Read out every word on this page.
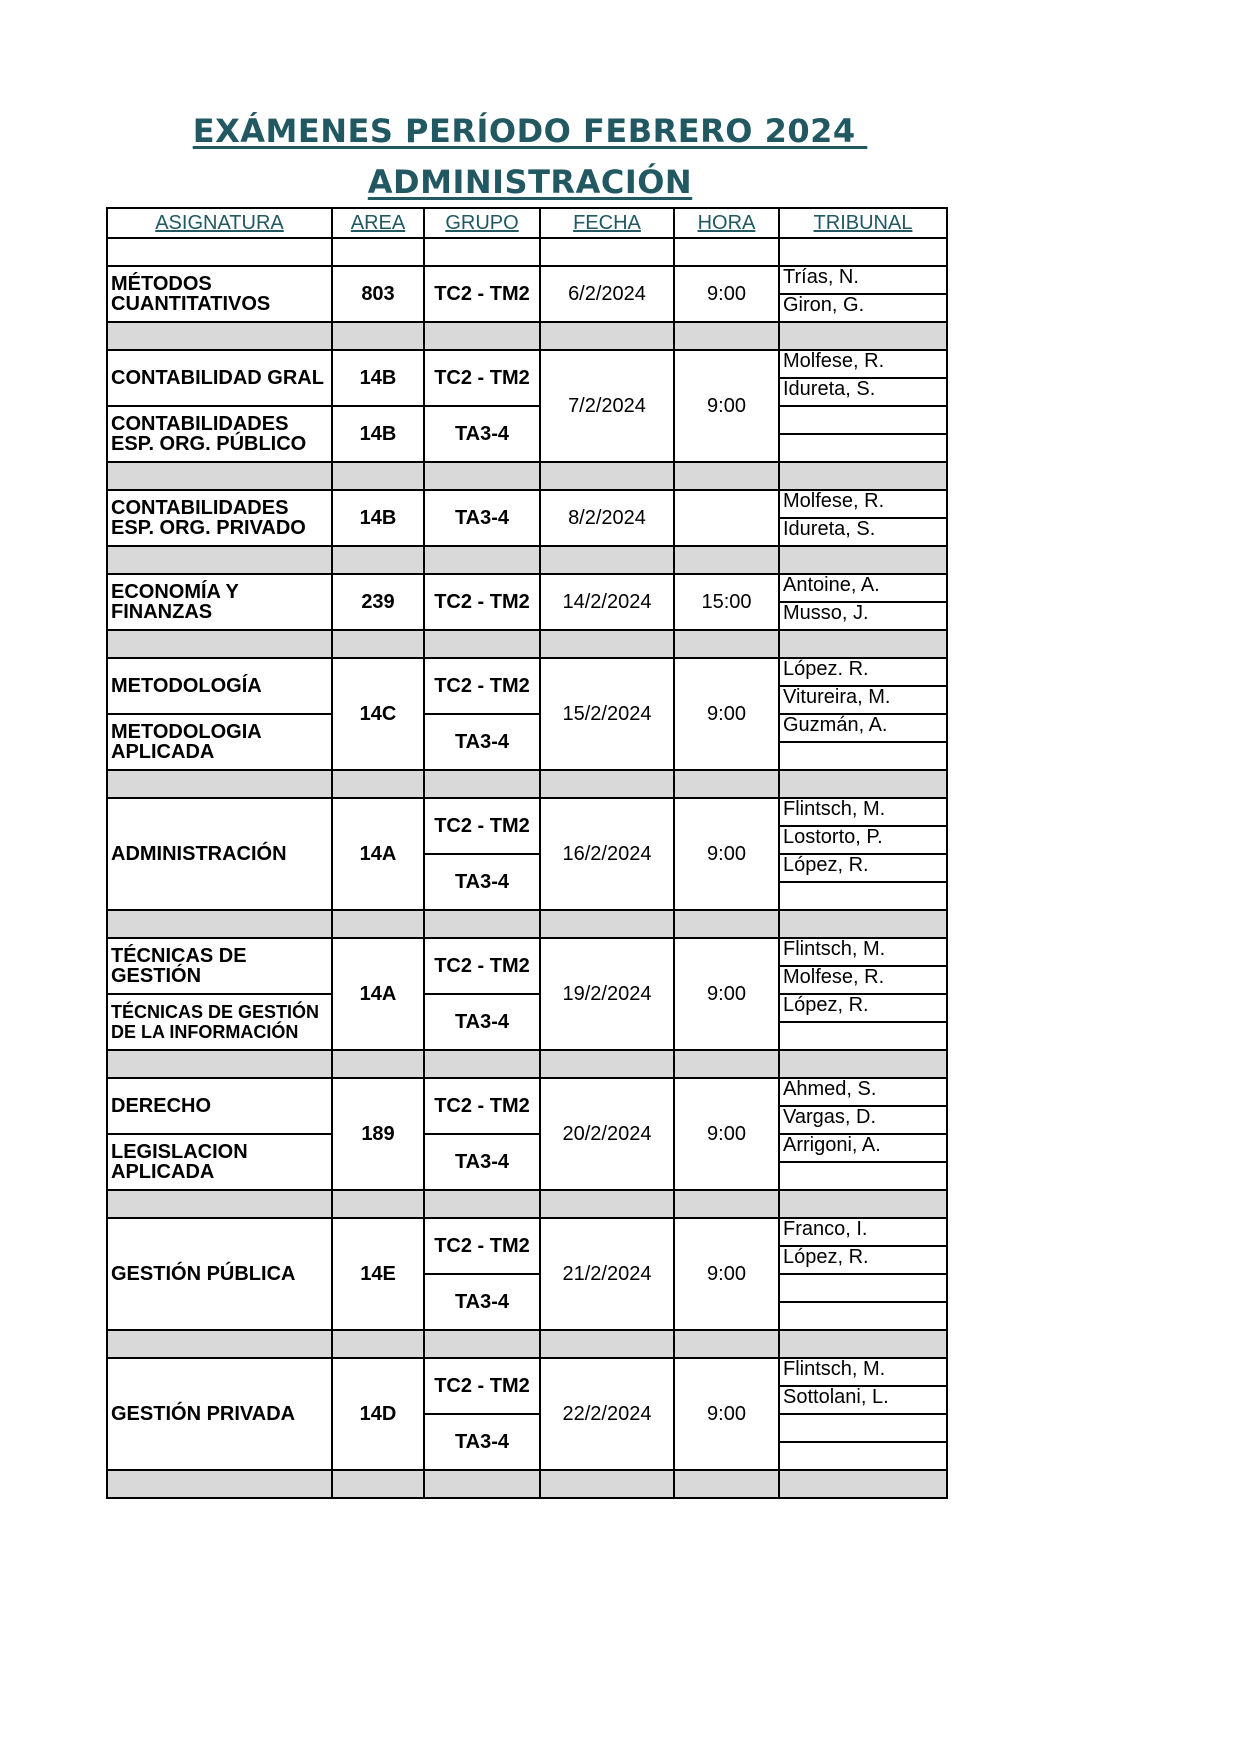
EXÁMENES PERÍODO FEBRERO 2024
ADMINISTRACIÓN
ASIGNATURA	AREA	GRUPO	FECHA	HORA	TRIBUNAL

MÉTODOS CUANTITATIVOS	803	TC2 - TM2	6/2/2024	9:00	Trías, N.
					Giron, G.

CONTABILIDAD GRAL	14B	TC2 - TM2	7/2/2024	9:00	Molfese, R.
					Idureta, S.
CONTABILIDADES ESP. ORG. PÚBLICO	14B	TA3-4			

CONTABILIDADES ESP. ORG. PRIVADO	14B	TA3-4	8/2/2024		Molfese, R.
					Idureta, S.

ECONOMÍA Y FINANZAS	239	TC2 - TM2	14/2/2024	15:00	Antoine, A.
					Musso, J.

METODOLOGÍA	14C	TC2 - TM2	15/2/2024	9:00	López. R.
					Vitureira, M.
METODOLOGIA APLICADA		TA3-4			Guzmán, A.

ADMINISTRACIÓN	14A	TC2 - TM2	16/2/2024	9:00	Flintsch, M.
					Lostorto, P.
		TA3-4			López, R.

TÉCNICAS DE GESTIÓN	14A	TC2 - TM2	19/2/2024	9:00	Flintsch, M.
					Molfese, R.
TÉCNICAS DE GESTIÓN DE LA INFORMACIÓN		TA3-4			López, R.

DERECHO	189	TC2 - TM2	20/2/2024	9:00	Ahmed, S.
					Vargas, D.
LEGISLACION APLICADA		TA3-4			Arrigoni, A.

GESTIÓN PÚBLICA	14E	TC2 - TM2	21/2/2024	9:00	Franco, I.
					López, R.
		TA3-4			

GESTIÓN PRIVADA	14D	TC2 - TM2	22/2/2024	9:00	Flintsch, M.
					Sottolani, L.
		TA3-4			
